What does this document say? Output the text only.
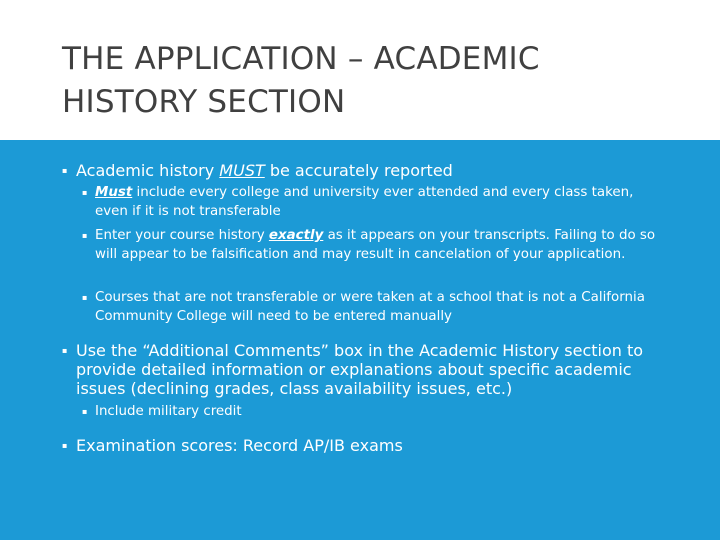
THE APPLICATION – ACADEMIC
HISTORY SECTION
▪ Academic history MUST be accurately reported
▪ Must include every college and university ever attended and every class taken, even if it is not transferable
▪ Enter your course history exactly as it appears on your transcripts. Failing to do so will appear to be falsification and may result in cancelation of your application.
▪ Courses that are not transferable or were taken at a school that is not a California Community College will need to be entered manually
▪ Use the “Additional Comments” box in the Academic History section to provide detailed information or explanations about specific academic issues (declining grades, class availability issues, etc.)
▪ Include military credit
▪ Examination scores: Record AP/IB exams
